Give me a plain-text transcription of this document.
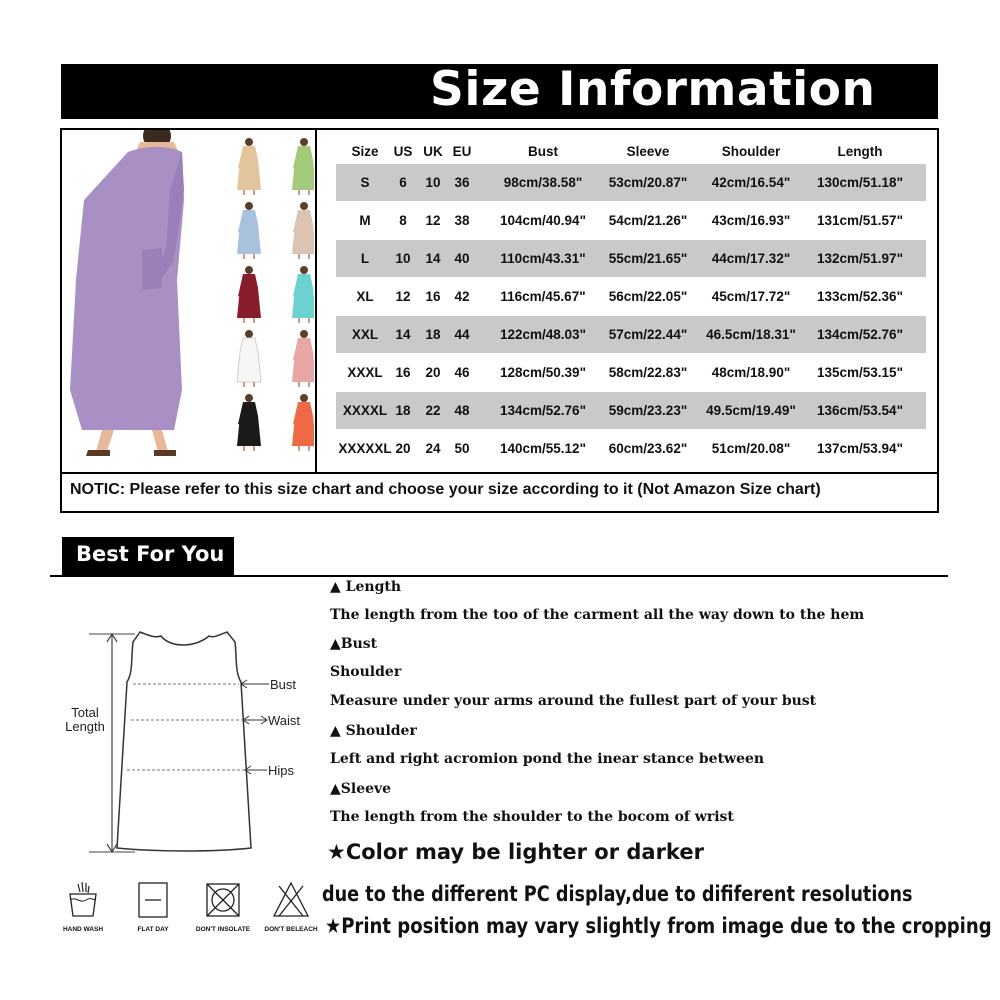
Size Information
Size	US UK EU	Bust	Sleeve	Shoulder	Length
S	6	10	36	98cm/38.58"	53cm/20.87"	42cm/16.54"	130cm/51.18"
M	8	12	38	104cm/40.94"	54cm/21.26"	43cm/16.93"	131cm/51.57"
L	10	14	40	110cm/43.31"	55cm/21.65"	44cm/17.32"	132cm/51.97"
XL	12	16	42	116cm/45.67"	56cm/22.05"	45cm/17.72"	133cm/52.36"
XXL	14	18	44	122cm/48.03"	57cm/22.44"	46.5cm/18.31"	134cm/52.76"
XXXL 16	20	46	128cm/50.39"	58cm/22.83"	48cm/18.90"	135cm/53.15"
XXXXL 18	22	48	134cm/52.76"	59cm/23.23"	49.5cm/19.49"	136cm/53.54"
XXXXXL 20	24	50	140cm/55.12"	60cm/23.62"	51cm/20.08"	137cm/53.94"
NOTIC: Please refer to this size chart and choose your size according to it (Not Amazon Size chart)
Best For You
Total
Length
Bust
Waist
Hips
▲ Length
The length from the too of the carment all the way down to the hem
▲Bust
Shoulder
Measure under your arms around the fullest part of your bust
▲ Shoulder
Left and right acromion pond the inear stance between
▲Sleeve
The length from the shoulder to the bocom of wrist
★Color may be lighter or darker
due to the different PC display,due to dififerent resolutions
★Print position may vary slightly from image due to the cropping
HAND WASH	FLAT DAY	DON'T INSOLATE	DON'T BELEACH
